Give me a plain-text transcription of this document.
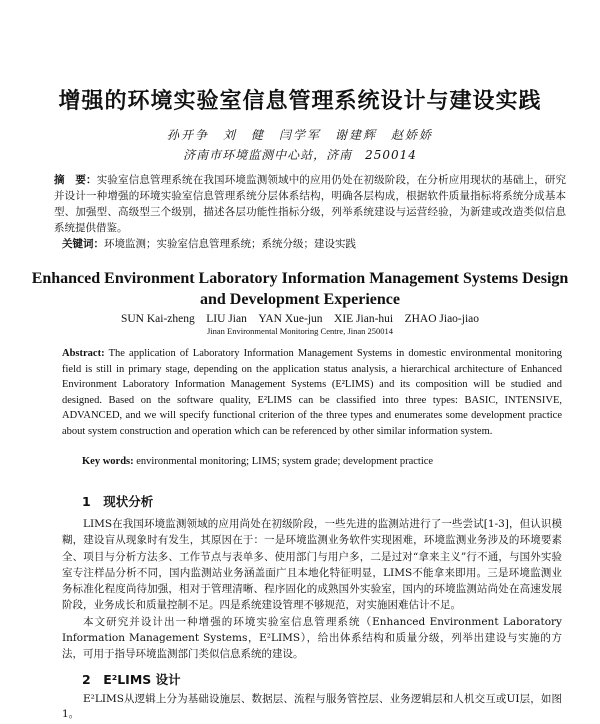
增强的环境实验室信息管理系统设计与建设实践
孙开争　刘　健　闫学军　谢建辉　赵娇娇
济南市环境监测中心站，济南　250014
摘　要：实验室信息管理系统在我国环境监测领域中的应用仍处在初级阶段，在分析应用现状的基础上，研究并设计一种增强的环境实验室信息管理系统分层体系结构，明确各层构成，根据软件质量指标将系统分成基本型、加强型、高级型三个级别，描述各层功能性指标分级，列举系统建设与运营经验，为新建或改造类似信息系统提供借鉴。
关键词：环境监测；实验室信息管理系统；系统分级；建设实践
Enhanced Environment Laboratory Information Management Systems Design and Development Experience
SUN Kai-zheng　LIU Jian　YAN Xue-jun　XIE Jian-hui　ZHAO Jiao-jiao
Jinan Environmental Monitoring Centre, Jinan 250014
Abstract: The application of Laboratory Information Management Systems in domestic environmental monitoring field is still in primary stage, depending on the application status analysis, a hierarchical architecture of Enhanced Environment Laboratory Information Management Systems (E²LIMS) and its composition will be studied and designed. Based on the software quality, E²LIMS can be classified into three types: BASIC, INTENSIVE, ADVANCED, and we will specify functional criterion of the three types and enumerates some development practice about system construction and operation which can be referenced by other similar information system.
Key words: environmental monitoring; LIMS; system grade; development practice
1　现状分析
LIMS在我国环境监测领域的应用尚处在初级阶段，一些先进的监测站进行了一些尝试[1-3]，但认识模糊，建设盲从现象时有发生，其原因在于：一是环境监测业务软件实现困难，环境监测业务涉及的环境要素全、项目与分析方法多、工作节点与表单多、使用部门与用户多，二是过对“拿来主义”行不通，与国外实验室专注样品分析不同，国内监测站业务涵盖面广且本地化特征明显，LIMS不能拿来即用。三是环境监测业务标准化程度尚待加强，相对于管理清晰、程序固化的成熟国外实验室，国内的环境监测站尚处在高速发展阶段，业务成长和质量控制不足。四是系统建设管理不够规范，对实施困难估计不足。
本文研究并设计出一种增强的环境实验室信息管理系统（Enhanced Environment Laboratory Information Management Systems，E²LIMS），给出体系结构和质量分级，列举出建设与实施的方法，可用于指导环境监测部门类似信息系统的建设。
2　E²LIMS 设计
E²LIMS从逻辑上分为基础设施层、数据层、流程与服务管控层、业务逻辑层和人机交互或UI层，如图1。
